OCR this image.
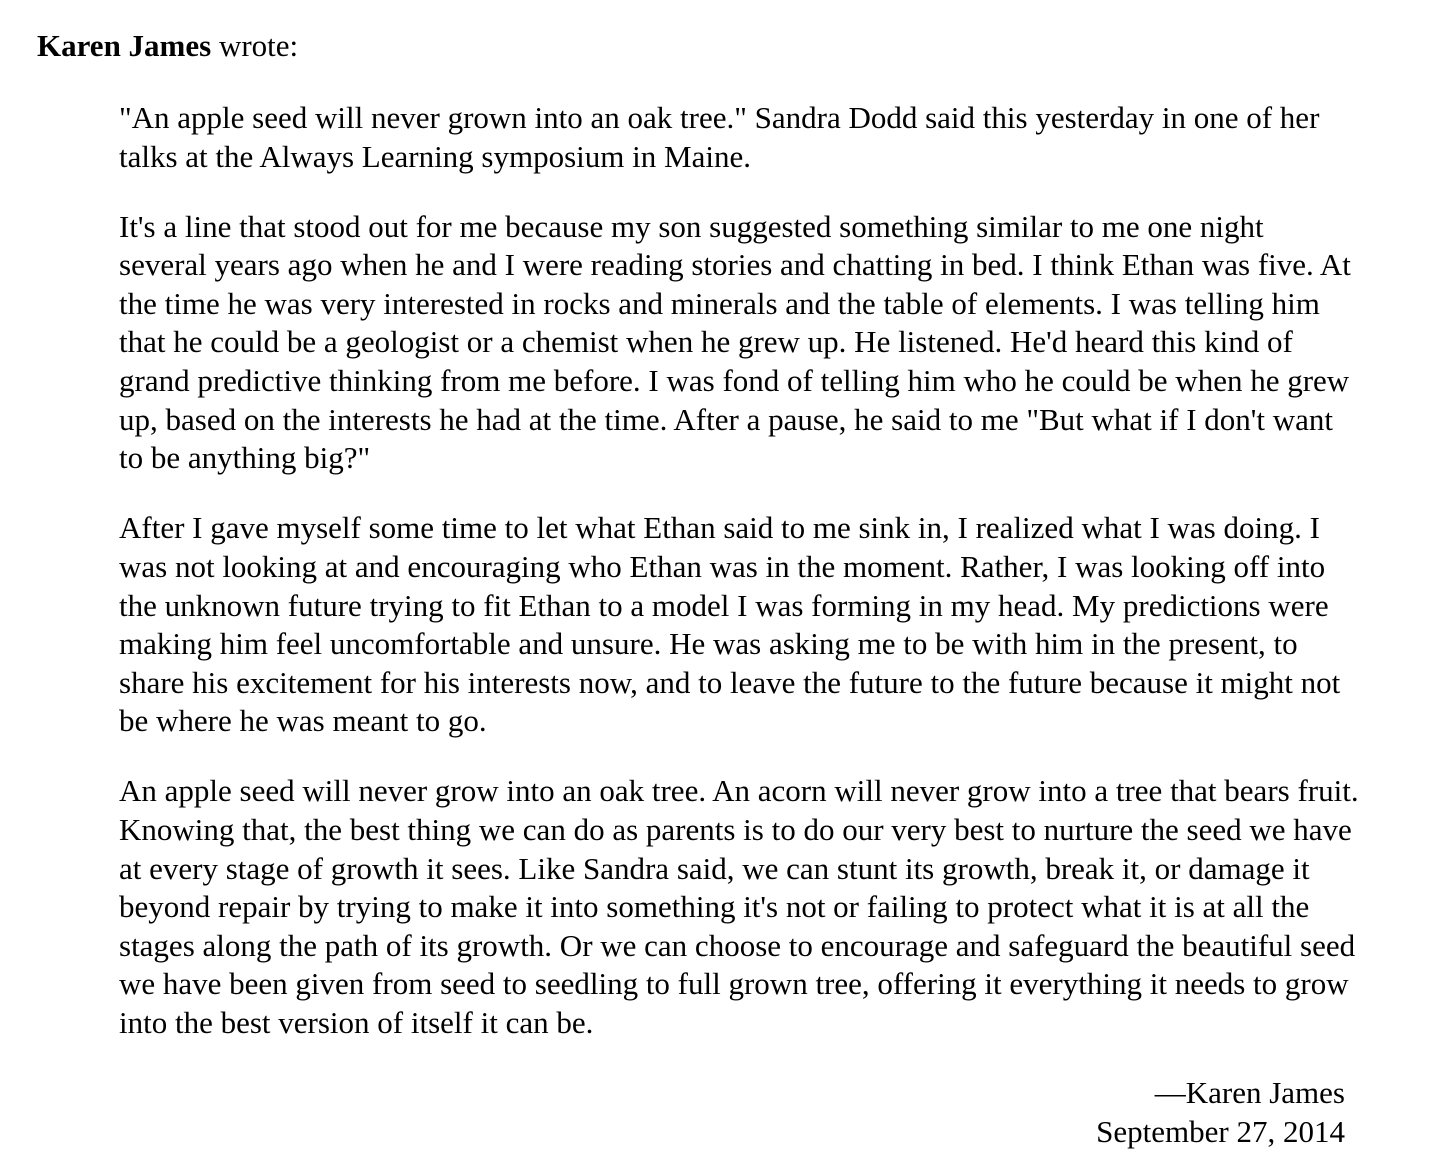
Karen James wrote:

"An apple seed will never grown into an oak tree." Sandra Dodd said this yesterday in one of her talks at the Always Learning symposium in Maine.

It's a line that stood out for me because my son suggested something similar to me one night several years ago when he and I were reading stories and chatting in bed. I think Ethan was five. At the time he was very interested in rocks and minerals and the table of elements. I was telling him that he could be a geologist or a chemist when he grew up. He listened. He'd heard this kind of grand predictive thinking from me before. I was fond of telling him who he could be when he grew up, based on the interests he had at the time. After a pause, he said to me "But what if I don't want to be anything big?"

After I gave myself some time to let what Ethan said to me sink in, I realized what I was doing. I was not looking at and encouraging who Ethan was in the moment. Rather, I was looking off into the unknown future trying to fit Ethan to a model I was forming in my head. My predictions were making him feel uncomfortable and unsure. He was asking me to be with him in the present, to share his excitement for his interests now, and to leave the future to the future because it might not be where he was meant to go.

An apple seed will never grow into an oak tree. An acorn will never grow into a tree that bears fruit. Knowing that, the best thing we can do as parents is to do our very best to nurture the seed we have at every stage of growth it sees. Like Sandra said, we can stunt its growth, break it, or damage it beyond repair by trying to make it into something it's not or failing to protect what it is at all the stages along the path of its growth. Or we can choose to encourage and safeguard the beautiful seed we have been given from seed to seedling to full grown tree, offering it everything it needs to grow into the best version of itself it can be.

—Karen James
September 27, 2014
